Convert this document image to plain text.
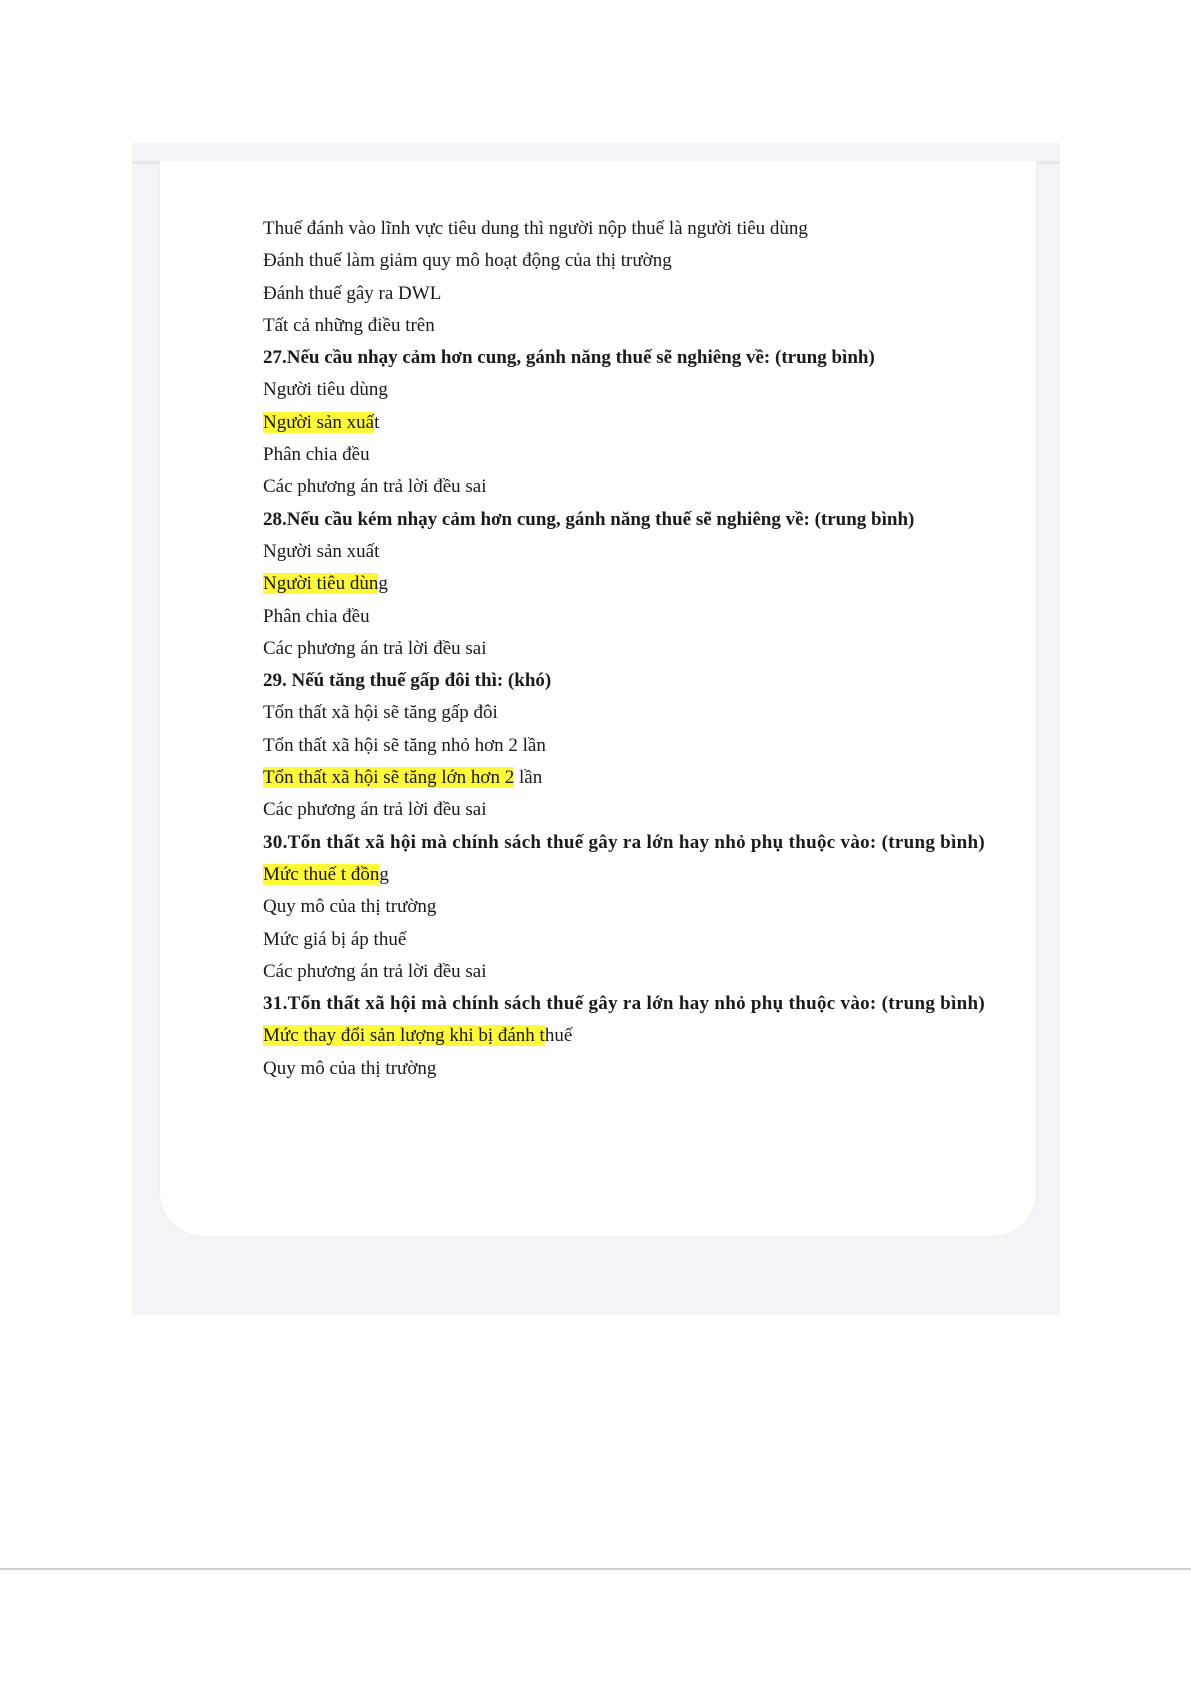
Thuế đánh vào lĩnh vực tiêu dung thì người nộp thuế là người tiêu dùng
Đánh thuế làm giảm quy mô hoạt động của thị trường
Đánh thuế gây ra DWL
Tất cả những điều trên
27.Nếu cầu nhạy cảm hơn cung, gánh năng thuế sẽ nghiêng về: (trung bình)
Người tiêu dùng
Người sản xuất
Phân chia đều
Các phương án trả lời đều sai
28.Nếu cầu kém nhạy cảm hơn cung, gánh năng thuế sẽ nghiêng về: (trung bình)
Người sản xuất
Người tiêu dùng
Phân chia đều
Các phương án trả lời đều sai
29. Nếú tăng thuế gấp đôi thì: (khó)
Tổn thất xã hội sẽ tăng gấp đôi
Tổn thất xã hội sẽ tăng nhỏ hơn 2 lần
Tổn thất xã hội sẽ tăng lớn hơn 2 lần
Các phương án trả lời đều sai
30.Tổn thất xã hội mà chính sách thuế gây ra lớn hay nhỏ phụ thuộc vào: (trung bình)
Mức thuế t đồng
Quy mô của thị trường
Mức giá bị áp thuế
Các phương án trả lời đều sai
31.Tổn thất xã hội mà chính sách thuế gây ra lớn hay nhỏ phụ thuộc vào: (trung bình)
Mức thay đổi sản lượng khi bị đánh thuế
Quy mô của thị trường
